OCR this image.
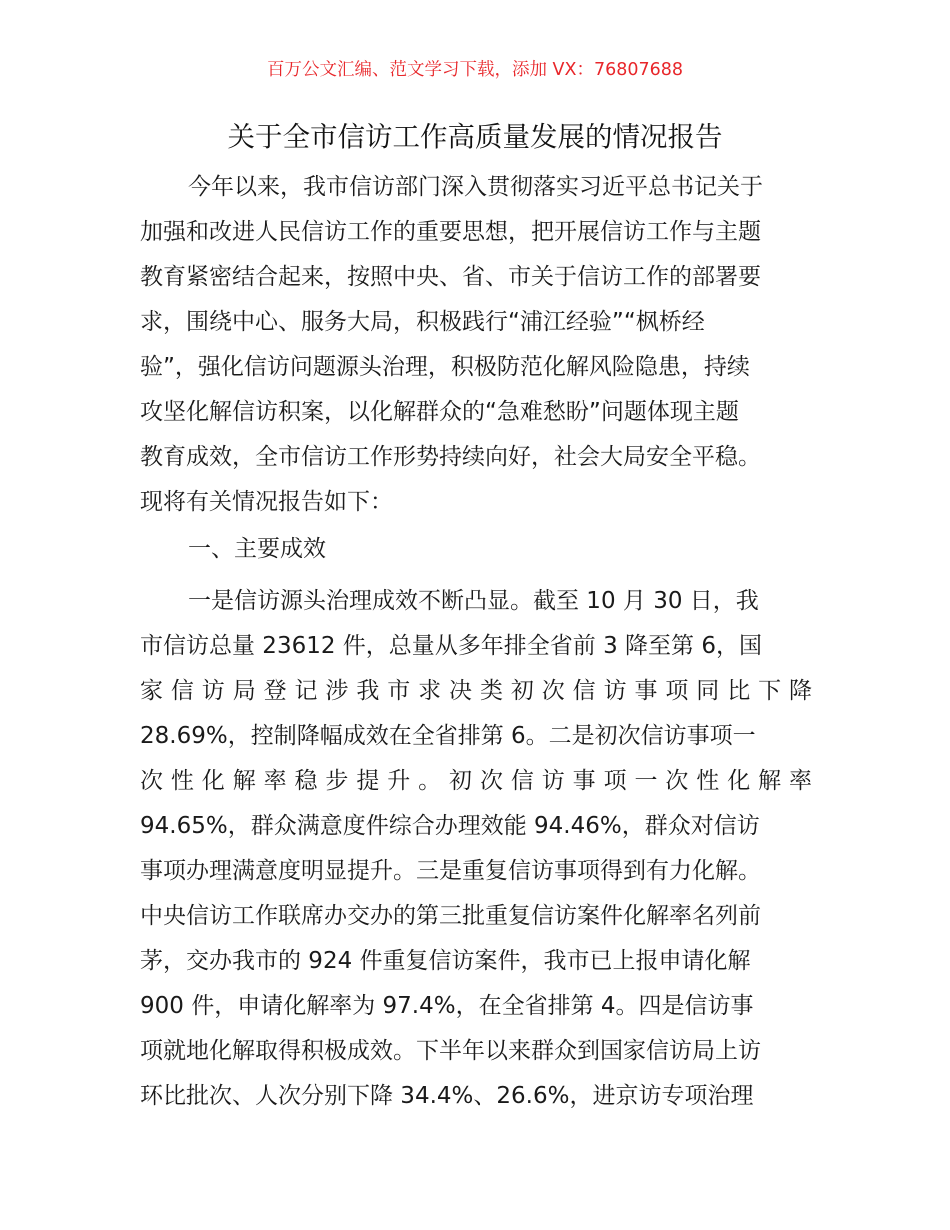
百万公文汇编、范文学习下载，添加 VX：76807688
关于全市信访工作高质量发展的情况报告
今年以来，我市信访部门深入贯彻落实习近平总书记关于
加强和改进人民信访工作的重要思想，把开展信访工作与主题
教育紧密结合起来，按照中央、省、市关于信访工作的部署要
求，围绕中心、服务大局，积极践行“浦江经验”“枫桥经
验”，强化信访问题源头治理，积极防范化解风险隐患，持续
攻坚化解信访积案，以化解群众的“急难愁盼”问题体现主题
教育成效，全市信访工作形势持续向好，社会大局安全平稳。
现将有关情况报告如下：
一、主要成效
一是信访源头治理成效不断凸显。截至 10 月 30 日，我
市信访总量 23612 件，总量从多年排全省前 3 降至第 6，国
家信访局登记涉我市求决类初次信访事项同比下降
28.69%，控制降幅成效在全省排第 6。二是初次信访事项一
次性化解率稳步提升。初次信访事项一次性化解率
94.65%，群众满意度件综合办理效能 94.46%，群众对信访
事项办理满意度明显提升。三是重复信访事项得到有力化解。
中央信访工作联席办交办的第三批重复信访案件化解率名列前
茅，交办我市的 924 件重复信访案件，我市已上报申请化解
900 件，申请化解率为 97.4%，在全省排第 4。四是信访事
项就地化解取得积极成效。下半年以来群众到国家信访局上访
环比批次、人次分别下降 34.4%、26.6%，进京访专项治理
